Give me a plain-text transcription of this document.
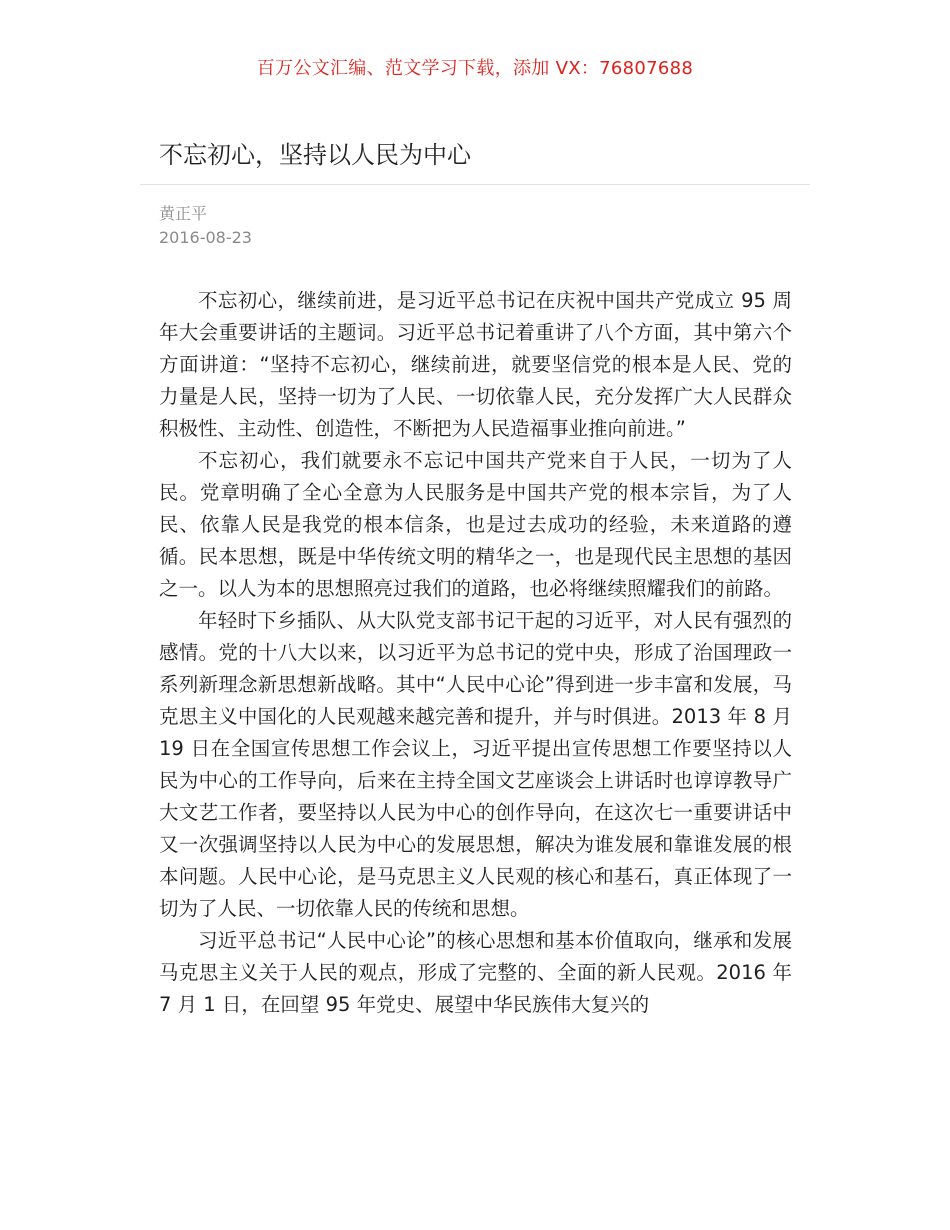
百万公文汇编、范文学习下载，添加 VX：76807688
不忘初心，坚持以人民为中心
黄正平
2016-08-23

不忘初心，继续前进，是习近平总书记在庆祝中国共产党成立 95 周年大会重要讲话的主题词。习近平总书记着重讲了八个方面，其中第六个方面讲道：“坚持不忘初心，继续前进，就要坚信党的根本是人民、党的力量是人民，坚持一切为了人民、一切依靠人民，充分发挥广大人民群众积极性、主动性、创造性，不断把为人民造福事业推向前进。”

不忘初心，我们就要永不忘记中国共产党来自于人民，一切为了人民。党章明确了全心全意为人民服务是中国共产党的根本宗旨，为了人民、依靠人民是我党的根本信条，也是过去成功的经验，未来道路的遵循。民本思想，既是中华传统文明的精华之一，也是现代民主思想的基因之一。以人为本的思想照亮过我们的道路，也必将继续照耀我们的前路。

年轻时下乡插队、从大队党支部书记干起的习近平，对人民有强烈的感情。党的十八大以来，以习近平为总书记的党中央，形成了治国理政一系列新理念新思想新战略。其中“人民中心论”得到进一步丰富和发展，马克思主义中国化的人民观越来越完善和提升，并与时俱进。2013 年 8 月 19 日在全国宣传思想工作会议上，习近平提出宣传思想工作要坚持以人民为中心的工作导向，后来在主持全国文艺座谈会上讲话时也谆谆教导广大文艺工作者，要坚持以人民为中心的创作导向，在这次七一重要讲话中又一次强调坚持以人民为中心的发展思想，解决为谁发展和靠谁发展的根本问题。人民中心论，是马克思主义人民观的核心和基石，真正体现了一切为了人民、一切依靠人民的传统和思想。

习近平总书记“人民中心论”的核心思想和基本价值取向，继承和发展马克思主义关于人民的观点，形成了完整的、全面的新人民观。2016 年 7 月 1 日，在回望 95 年党史、展望中华民族伟大复兴的
